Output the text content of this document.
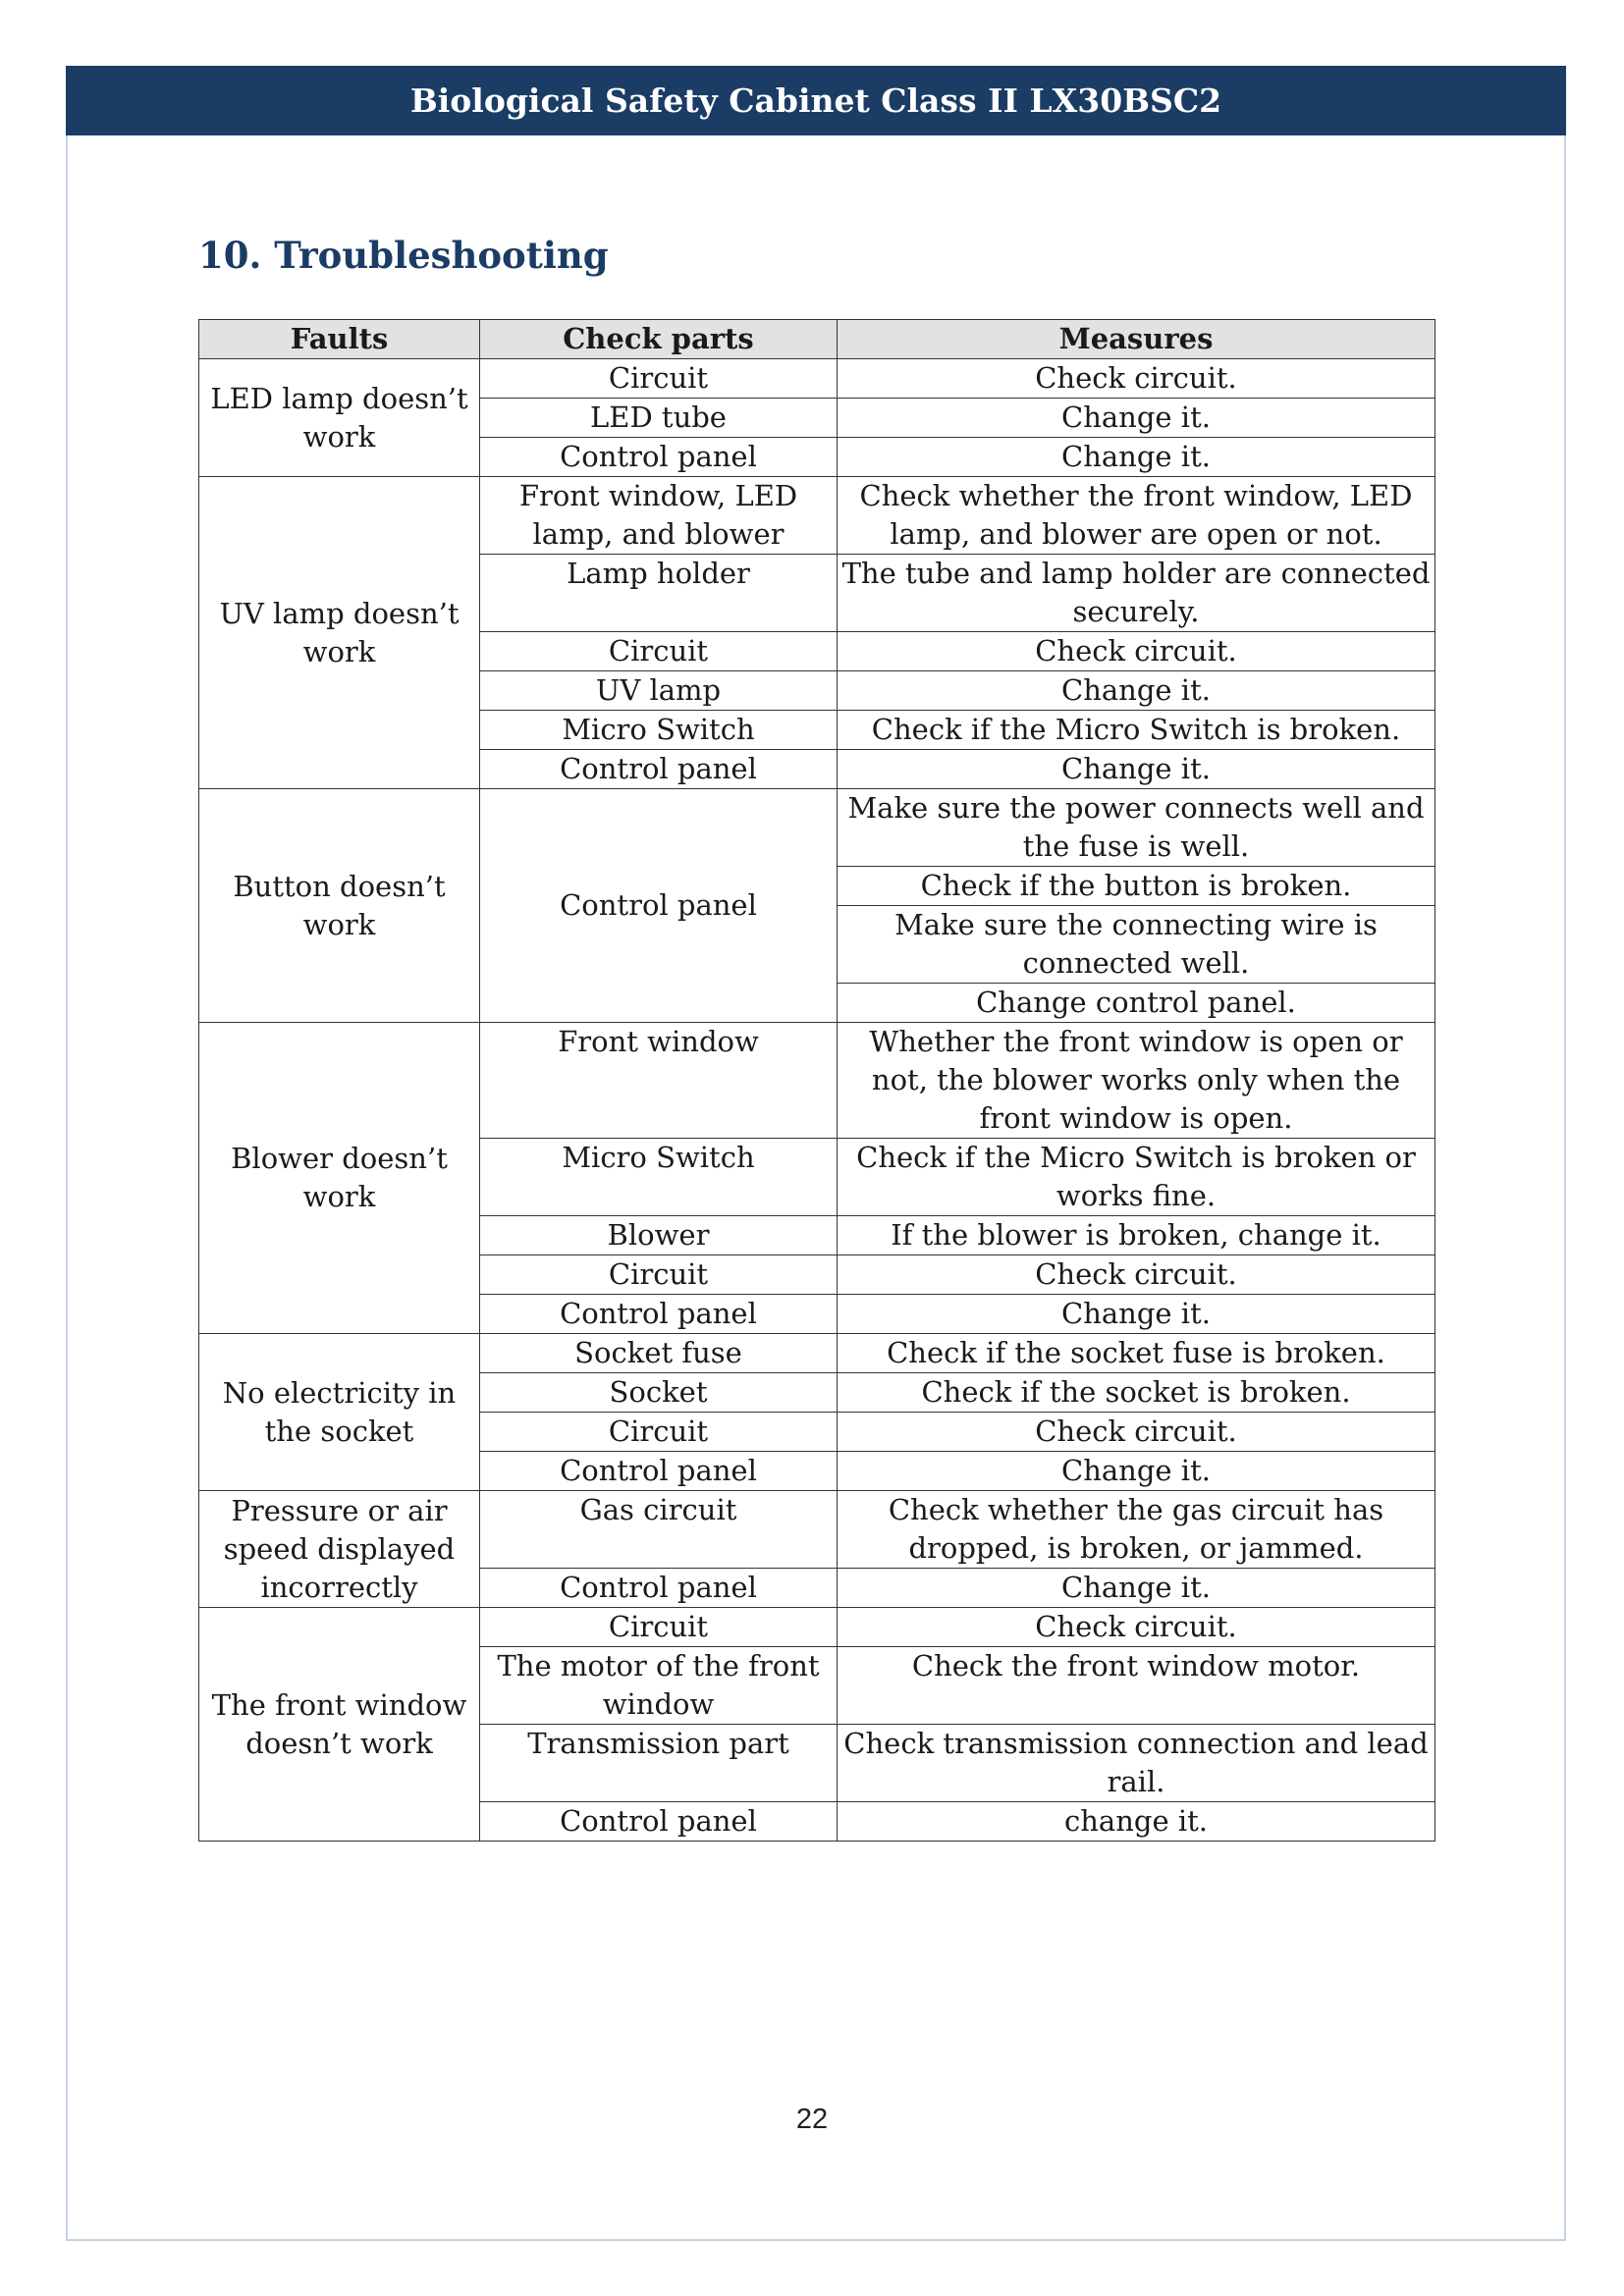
Biological Safety Cabinet Class II LX30BSC2
10. Troubleshooting
Faults	Check parts	Measures
LED lamp doesn’t work	Circuit	Check circuit.
	LED tube	Change it.
	Control panel	Change it.
UV lamp doesn’t work	Front window, LED lamp, and blower	Check whether the front window, LED lamp, and blower are open or not.
	Lamp holder	The tube and lamp holder are connected securely.
	Circuit	Check circuit.
	UV lamp	Change it.
	Micro Switch	Check if the Micro Switch is broken.
	Control panel	Change it.
Button doesn’t work	Control panel	Make sure the power connects well and the fuse is well.
		Check if the button is broken.
		Make sure the connecting wire is connected well.
		Change control panel.
Blower doesn’t work	Front window	Whether the front window is open or not, the blower works only when the front window is open.
	Micro Switch	Check if the Micro Switch is broken or works fine.
	Blower	If the blower is broken, change it.
	Circuit	Check circuit.
	Control panel	Change it.
No electricity in the socket	Socket fuse	Check if the socket fuse is broken.
	Socket	Check if the socket is broken.
	Circuit	Check circuit.
	Control panel	Change it.
Pressure or air speed displayed incorrectly	Gas circuit	Check whether the gas circuit has dropped, is broken, or jammed.
	Control panel	Change it.
The front window doesn’t work	Circuit	Check circuit.
	The motor of the front window	Check the front window motor.
	Transmission part	Check transmission connection and lead rail.
	Control panel	change it.
22
